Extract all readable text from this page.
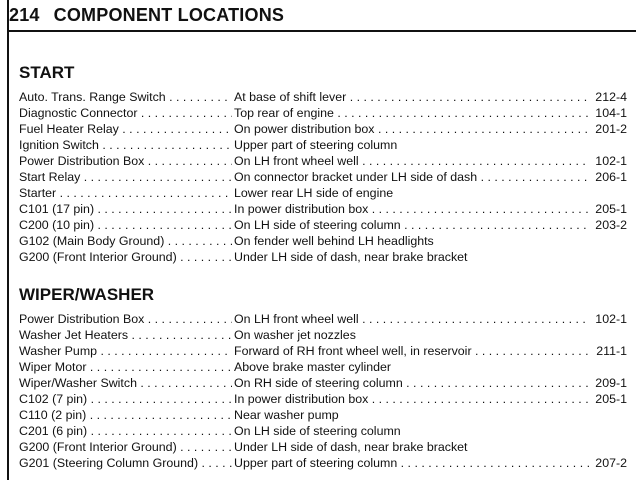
214 COMPONENT LOCATIONS
START
Auto. Trans. Range Switch . . .	At base of shift lever . . .	212-4
Diagnostic Connector . . .	Top rear of engine . . .	104-1
Fuel Heater Relay . . .	On power distribution box . . .	201-2
Ignition Switch . . .	Upper part of steering column
Power Distribution Box . . .	On LH front wheel well . . .	102-1
Start Relay . . .	On connector bracket under LH side of dash . . .	206-1
Starter . . .	Lower rear LH side of engine
C101 (17 pin) . . .	In power distribution box . . .	205-1
C200 (10 pin) . . .	On LH side of steering column . . .	203-2
G102 (Main Body Ground) . . .	On fender well behind LH headlights
G200 (Front Interior Ground) . . .	Under LH side of dash, near brake bracket
WIPER/WASHER
Power Distribution Box . . .	On LH front wheel well . . .	102-1
Washer Jet Heaters . . .	On washer jet nozzles
Washer Pump . . .	Forward of RH front wheel well, in reservoir . . .	211-1
Wiper Motor . . .	Above brake master cylinder
Wiper/Washer Switch . . .	On RH side of steering column . . .	209-1
C102 (7 pin) . . .	In power distribution box . . .	205-1
C110 (2 pin) . . .	Near washer pump
C201 (6 pin) . . .	On LH side of steering column
G200 (Front Interior Ground) . . .	Under LH side of dash, near brake bracket
G201 (Steering Column Ground) . . .	Upper part of steering column . . .	207-2
